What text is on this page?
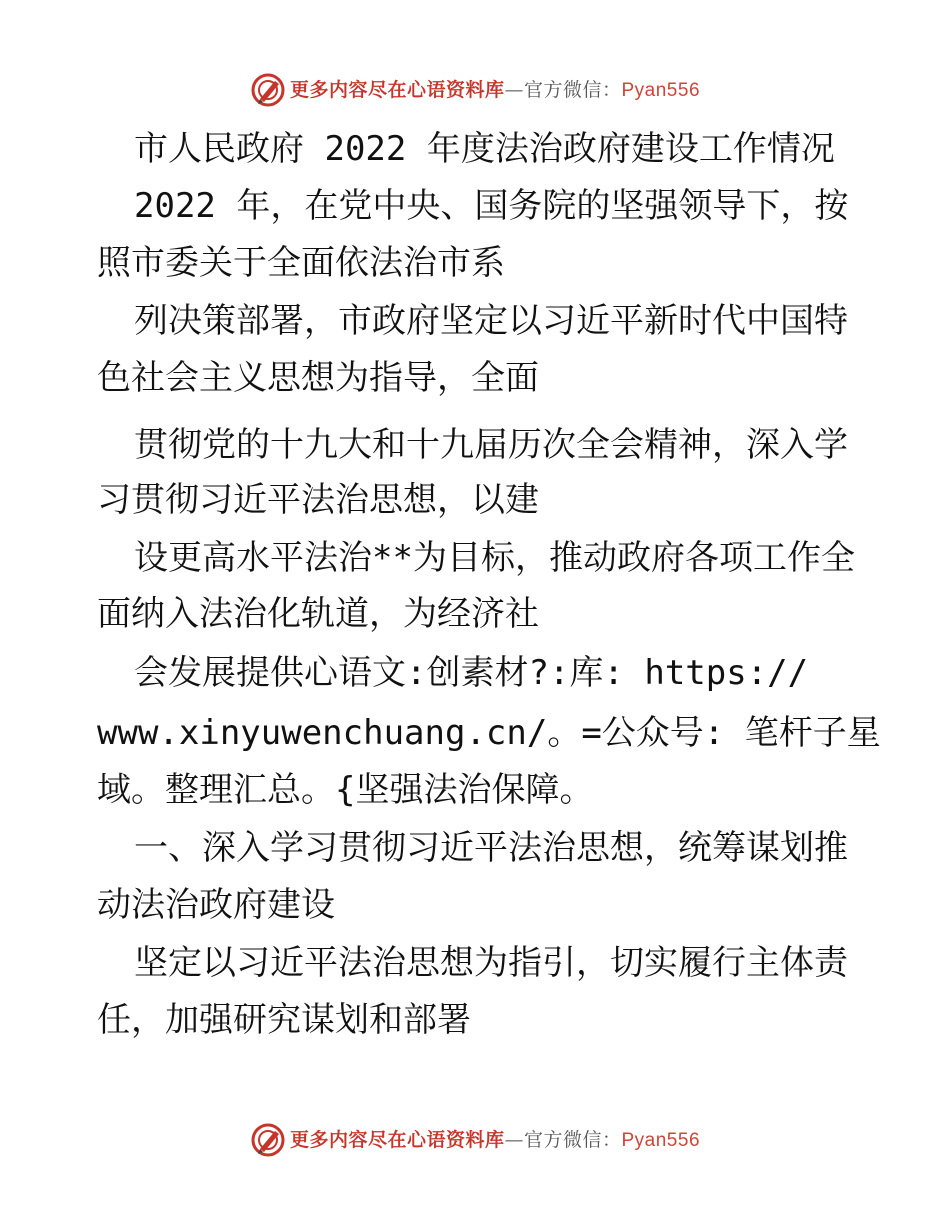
更多内容尽在心语资料库—官方微信：Pyan556
市人民政府 2022 年度法治政府建设工作情况
2022 年，在党中央、国务院的坚强领导下，按
照市委关于全面依法治市系
列决策部署，市政府坚定以习近平新时代中国特
色社会主义思想为指导，全面
贯彻党的十九大和十九届历次全会精神，深入学
习贯彻习近平法治思想，以建
设更高水平法治**为目标，推动政府各项工作全
面纳入法治化轨道，为经济社
会发展提供心语文:创素材?:库: https://
www.xinyuwenchuang.cn/。=公众号: 笔杆子星
域。整理汇总。{坚强法治保障。
一、深入学习贯彻习近平法治思想，统筹谋划推
动法治政府建设
坚定以习近平法治思想为指引，切实履行主体责
任，加强研究谋划和部署
更多内容尽在心语资料库—官方微信：Pyan556
